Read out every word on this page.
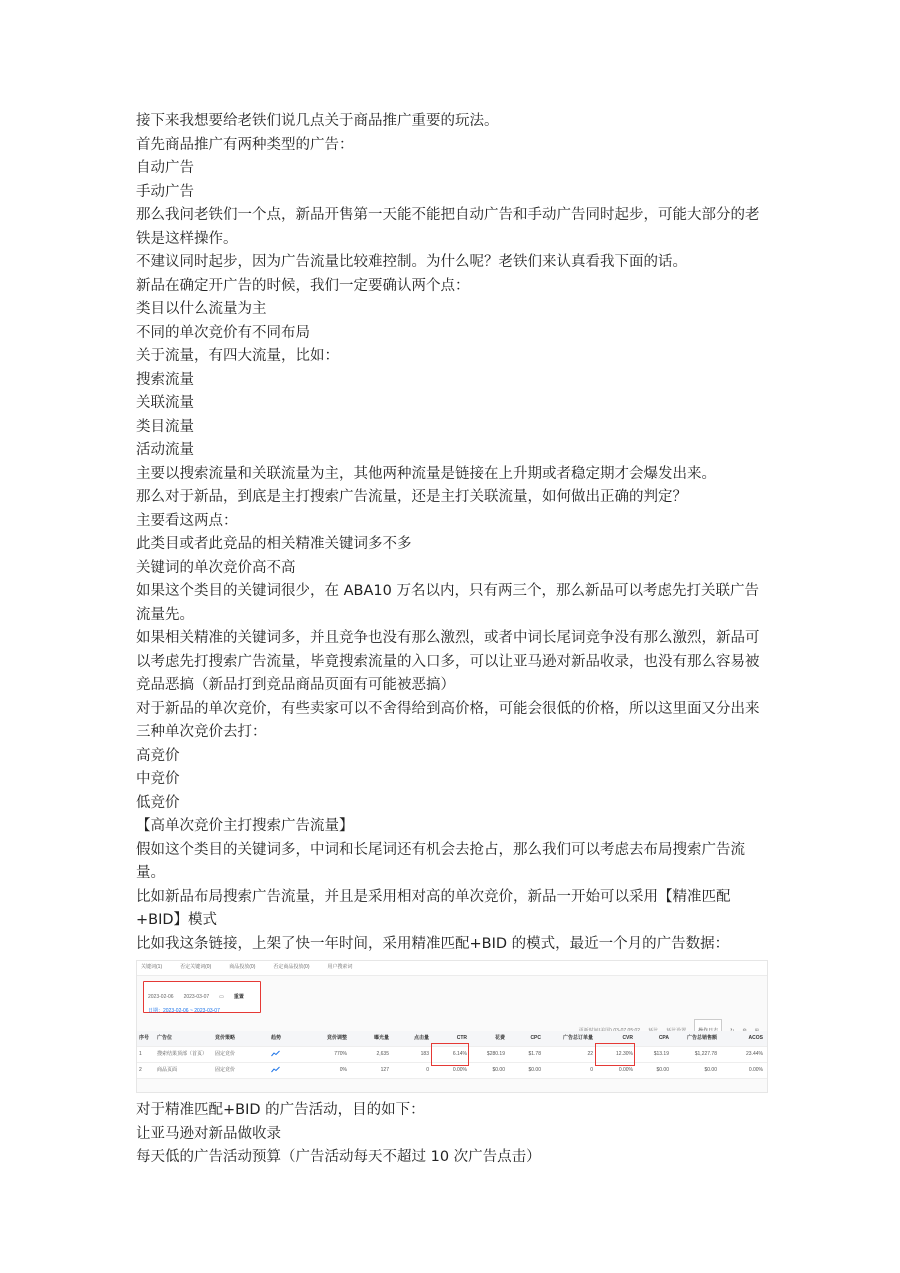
接下来我想要给老铁们说几点关于商品推广重要的玩法。

首先商品推广有两种类型的广告：

自动广告

手动广告

那么我问老铁们一个点，新品开售第一天能不能把自动广告和手动广告同时起步，可能大部分的老铁是这样操作。

不建议同时起步，因为广告流量比较难控制。为什么呢？老铁们来认真看我下面的话。

新品在确定开广告的时候，我们一定要确认两个点：

类目以什么流量为主

不同的单次竞价有不同布局

关于流量，有四大流量，比如：

搜索流量

关联流量

类目流量

活动流量

主要以搜索流量和关联流量为主，其他两种流量是链接在上升期或者稳定期才会爆发出来。

那么对于新品，到底是主打搜索广告流量，还是主打关联流量，如何做出正确的判定？

主要看这两点：

此类目或者此竞品的相关精准关键词多不多

关键词的单次竞价高不高

如果这个类目的关键词很少，在 ABA10 万名以内，只有两三个，那么新品可以考虑先打关联广告流量先。

如果相关精准的关键词多，并且竞争也没有那么激烈，或者中词长尾词竞争没有那么激烈，新品可以考虑先打搜索广告流量，毕竟搜索流量的入口多，可以让亚马逊对新品收录，也没有那么容易被竞品恶搞（新品打到竞品商品页面有可能被恶搞）

对于新品的单次竞价，有些卖家可以不舍得给到高价格，可能会很低的价格，所以这里面又分出来三种单次竞价去打：

高竞价

中竞价

低竞价

【高单次竞价主打搜索广告流量】

假如这个类目的关键词多，中词和长尾词还有机会去抢占，那么我们可以考虑去布局搜索广告流量。

比如新品布局搜索广告流量，并且是采用相对高的单次竞价，新品一开始可以采用【精准匹配+BID】模式

比如我这条链接，上架了快一年时间，采用精准匹配+BID 的模式，最近一个月的广告数据：

关键词(1)	否定关键词(0)	商品投放(0)	否定商品投放(0)	用户搜索词
2023-02-06 2023-03-07 ▭ 重置
日期：2023-02-06 ~ 2023-03-07
序号	广告位	竞价策略	趋势	竞价调整	曝光量	点击量	CTR	花费	CPC	广告总订单量	CVR	CPA	广告总销售额	ACOS
1	搜索结果顶部（首页）	固定竞价	770%	2,635	183	6.14%	$280.19	$1.78	22	12.30%	$13.19	$1,227.78	23.44%
2	商品页面	固定竞价	0%	127	0	0.00%	$0.00	$0.00	0	0.00%	$0.00	$0.00	0.00%

对于精准匹配+BID 的广告活动，目的如下：

让亚马逊对新品做收录

每天低的广告活动预算（广告活动每天不超过 10 次广告点击）
